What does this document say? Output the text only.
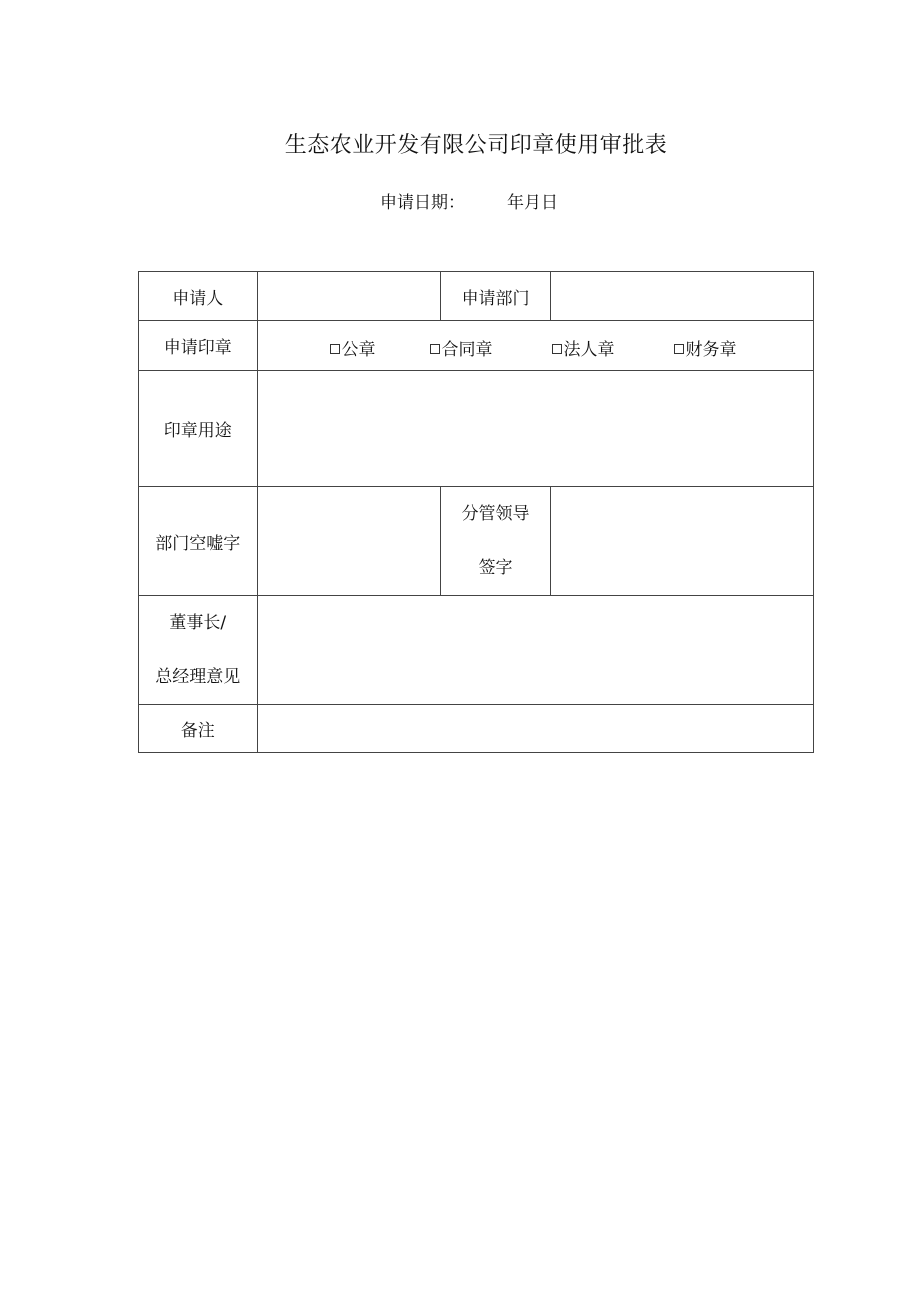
生态农业开发有限公司印章使用审批表
申请日期： 年月日
申请人		申请部门	
申请印章	公章 合同章 法人章 财务章		

印章用途			
部门空嘘字		分管领导
签字	

董事长/
总经理意见			

备注			
